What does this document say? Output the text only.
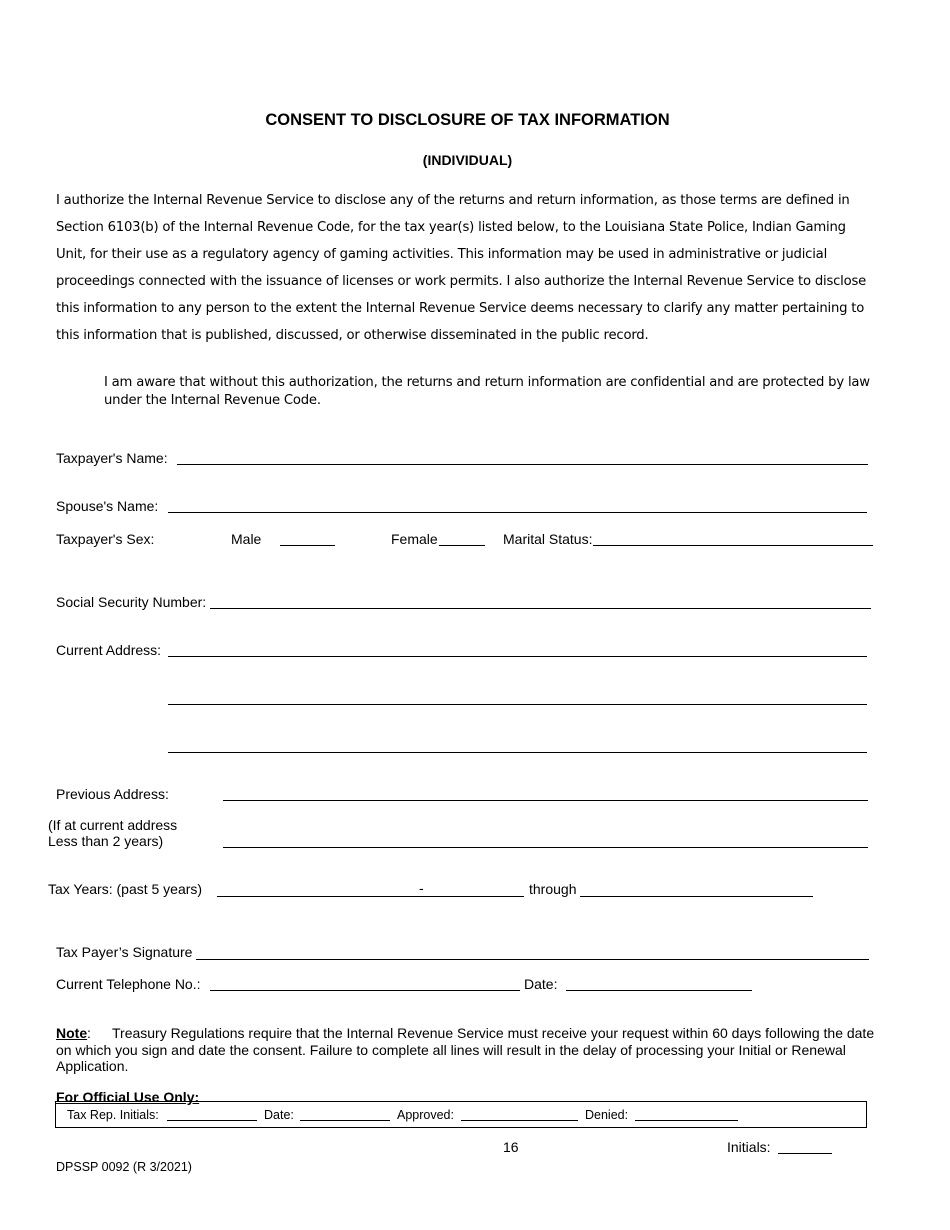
CONSENT TO DISCLOSURE OF TAX INFORMATION
(INDIVIDUAL)
I authorize the Internal Revenue Service to disclose any of the returns and return information, as those terms are defined in
Section 6103(b) of the Internal Revenue Code, for the tax year(s) listed below, to the Louisiana State Police, Indian Gaming
Unit, for their use as a regulatory agency of gaming activities. This information may be used in administrative or judicial
proceedings connected with the issuance of licenses or work permits. I also authorize the Internal Revenue Service to disclose
this information to any person to the extent the Internal Revenue Service deems necessary to clarify any matter pertaining to
this information that is published, discussed, or otherwise disseminated in the public record.
I am aware that without this authorization, the returns and return information are confidential and are protected by law
under the Internal Revenue Code.
Taxpayer's Name:
Spouse's Name:
Taxpayer's Sex:	Male	Female	Marital Status:
Social Security Number:
Current Address:
Previous Address:
(If at current address
Less than 2 years)
Tax Years: (past 5 years)	-	through
Tax Payer’s Signature
Current Telephone No.:	Date:
Note : Treasury Regulations require that the Internal Revenue Service must receive your request within 60 days following the date
on which you sign and date the consent. Failure to complete all lines will result in the delay of processing your Initial or Renewal
Application.
For Official Use Only:
Tax Rep. Initials:	Date:	Approved:	Denied:
16	Initials:
DPSSP 0092 (R 3/2021)
